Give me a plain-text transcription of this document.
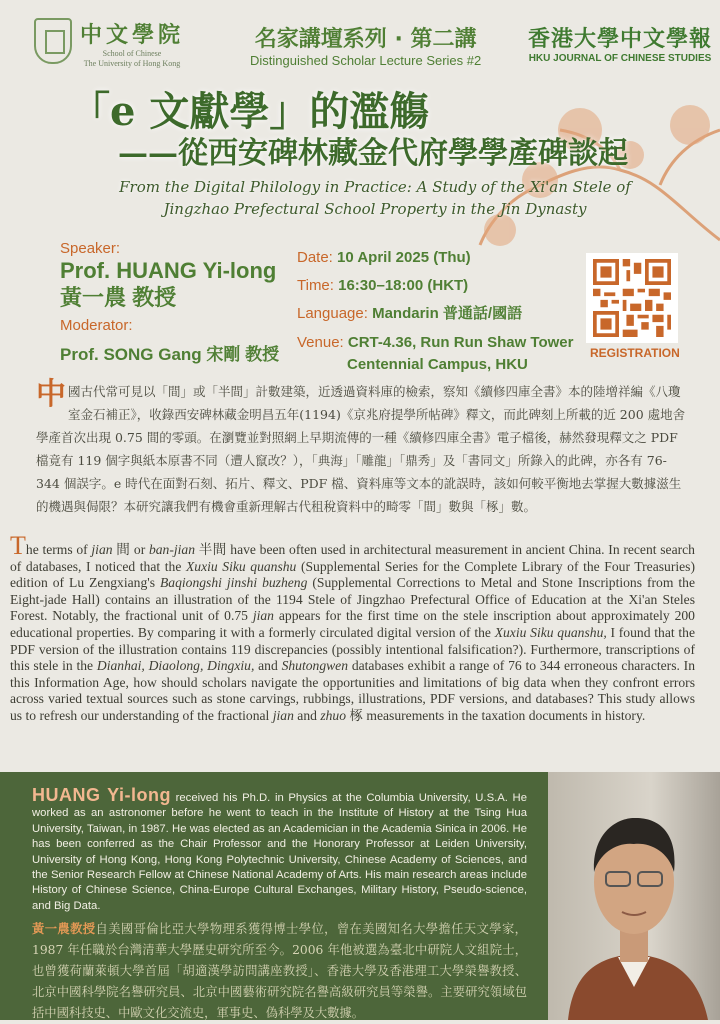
中文學院
School of Chinese
The University of Hong Kong
名家講壇系列 · 第二講
Distinguished Scholar Lecture Series #2
香港大學中文學報
HKU JOURNAL OF CHINESE STUDIES
「e 文獻學」的濫觴
——從西安碑林藏金代府學學產碑談起
From the Digital Philology in Practice: A Study of the Xi'an Stele of
Jingzhao Prefectural School Property in the Jin Dynasty
Speaker:
Prof. HUANG Yi-long
黃一農 教授
Moderator:
Prof. SONG Gang 宋剛 教授
Date: 10 April 2025 (Thu)
Time: 16:30–18:00 (HKT)
Language: Mandarin 普通話/國語
Venue: CRT-4.36, Run Run Shaw Tower
Centennial Campus, HKU
REGISTRATION
中國古代常可見以「間」或「半間」計數建築，近透過資料庫的檢索，察知《續修四庫全書》本的陸增祥編《八瓊室金石補正》，收錄西安碑林藏金明昌五年(1194)《京兆府提學所帖碑》釋文，而此碑刻上所載的近 200 處地舍學產首次出現 0.75 間的零頭。在瀏覽並對照網上早期流傳的一種《續修四庫全書》電子檔後，赫然發現釋文之 PDF 檔竟有 119 個字與紙本原書不同（遭人竄改？），「典海」「雕龍」「鼎秀」及「書同文」所錄入的此碑，亦各有 76-344 個誤字。e 時代在面對石刻、拓片、釋文、PDF 檔、資料庫等文本的訛誤時，該如何較平衡地去掌握大數據滋生的機遇與侷限？本研究讓我們有機會重新理解古代租稅資料中的畸零「間」數與「椓」數。
The terms of jian 間 or ban-jian 半間 have been often used in architectural measurement in ancient China. In recent search of databases, I noticed that the Xuxiu Siku quanshu (Supplemental Series for the Complete Library of the Four Treasuries) edition of Lu Zengxiang's Baqiongshi jinshi buzheng (Supplemental Corrections to Metal and Stone Inscriptions from the Eight-jade Hall) contains an illustration of the 1194 Stele of Jingzhao Prefectural Office of Education at the Xi'an Steles Forest. Notably, the fractional unit of 0.75 jian appears for the first time on the stele inscription about approximately 200 educational properties. By comparing it with a formerly circulated digital version of the Xuxiu Siku quanshu, I found that the PDF version of the illustration contains 119 discrepancies (possibly intentional falsification?). Furthermore, transcriptions of this stele in the Dianhai, Diaolong, Dingxiu, and Shutongwen databases exhibit a range of 76 to 344 erroneous characters. In this Information Age, how should scholars navigate the opportunities and limitations of big data when they confront errors across varied textual sources such as stone carvings, rubbings, illustrations, PDF versions, and databases? This study allows us to refresh our understanding of the fractional jian and zhuo 椓 measurements in the taxation documents in history.
HUANG Yi-long received his Ph.D. in Physics at the Columbia University, U.S.A. He worked as an astronomer before he went to teach in the Institute of History at the Tsing Hua University, Taiwan, in 1987. He was elected as an Academician in the Academia Sinica in 2006. He has been conferred as the Chair Professor and the Honorary Professor at Leiden University, University of Hong Kong, Hong Kong Polytechnic University, Chinese Academy of Sciences, and the Senior Research Fellow at Chinese National Academy of Arts. His main research areas include History of Chinese Science, China-Europe Cultural Exchanges, Military History, Pseudo-science, and Big Data.
黃一農教授自美國哥倫比亞大學物理系獲得博士學位，曾在美國知名大學擔任天文學家，1987 年任職於台灣清華大學歷史研究所至今。2006 年他被選為臺北中研院人文組院士，也曾獲荷蘭萊頓大學首屆「胡適漢學訪問講座教授」、香港大學及香港理工大學榮譽教授、北京中國科學院名譽研究員、北京中國藝術研究院名譽高級研究員等榮譽。主要研究領域包括中國科技史、中歐文化交流史，軍事史、偽科學及大數據。
